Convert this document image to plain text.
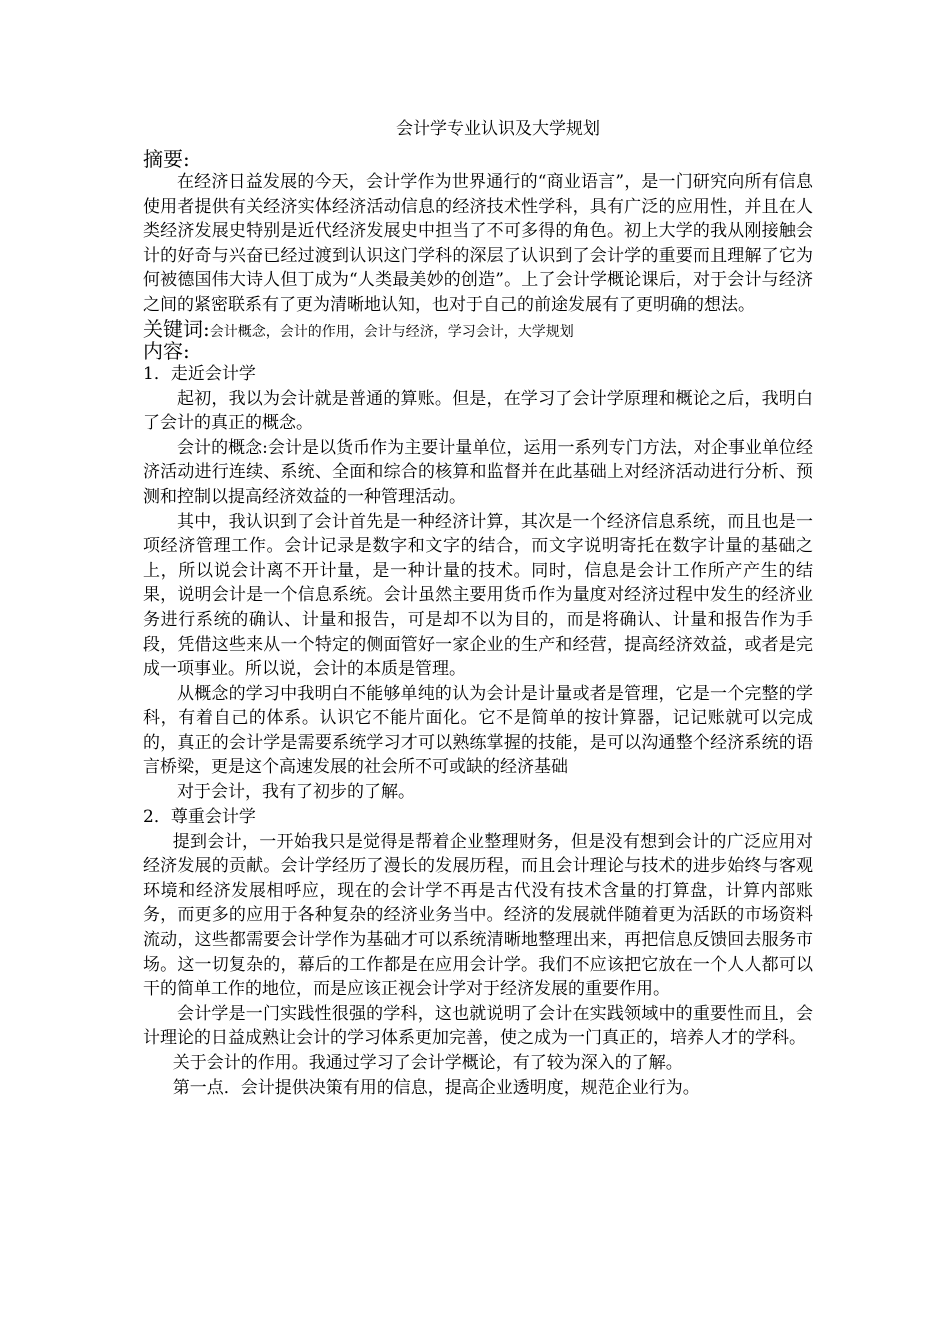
会计学专业认识及大学规划
摘要:

在经济日益发展的今天，会计学作为世界通行的“商业语言”，是一门研究向所有信息使用者提供有关经济实体经济活动信息的经济技术性学科，具有广泛的应用性，并且在人类经济发展史特别是近代经济发展史中担当了不可多得的角色。初上大学的我从刚接触会计的好奇与兴奋已经过渡到认识这门学科的深层了认识到了会计学的重要而且理解了它为何被德国伟大诗人但丁成为“人类最美妙的创造”。上了会计学概论课后，对于会计与经济之间的紧密联系有了更为清晰地认知，也对于自己的前途发展有了更明确的想法。

关键词:会计概念，会计的作用，会计与经济，学习会计，大学规划
内容:
1．走近会计学

起初，我以为会计就是普通的算账。但是，在学习了会计学原理和概论之后，我明白了会计的真正的概念。

会计的概念:会计是以货币作为主要计量单位，运用一系列专门方法，对企事业单位经济活动进行连续、系统、全面和综合的核算和监督并在此基础上对经济活动进行分析、预测和控制以提高经济效益的一种管理活动。

其中，我认识到了会计首先是一种经济计算，其次是一个经济信息系统，而且也是一项经济管理工作。会计记录是数字和文字的结合，而文字说明寄托在数字计量的基础之上，所以说会计离不开计量，是一种计量的技术。同时，信息是会计工作所产产生的结果，说明会计是一个信息系统。会计虽然主要用货币作为量度对经济过程中发生的经济业务进行系统的确认、计量和报告，可是却不以为目的，而是将确认、计量和报告作为手段，凭借这些来从一个特定的侧面管好一家企业的生产和经营，提高经济效益，或者是完成一项事业。所以说，会计的本质是管理。

从概念的学习中我明白不能够单纯的认为会计是计量或者是管理，它是一个完整的学科，有着自己的体系。认识它不能片面化。它不是简单的按计算器，记记账就可以完成的，真正的会计学是需要系统学习才可以熟练掌握的技能，是可以沟通整个经济系统的语言桥梁，更是这个高速发展的社会所不可或缺的经济基础

对于会计，我有了初步的了解。

2．尊重会计学

提到会计，一开始我只是觉得是帮着企业整理财务，但是没有想到会计的广泛应用对经济发展的贡献。会计学经历了漫长的发展历程，而且会计理论与技术的进步始终与客观环境和经济发展相呼应，现在的会计学不再是古代没有技术含量的打算盘，计算内部账务，而更多的应用于各种复杂的经济业务当中。经济的发展就伴随着更为活跃的市场资料流动，这些都需要会计学作为基础才可以系统清晰地整理出来，再把信息反馈回去服务市场。这一切复杂的，幕后的工作都是在应用会计学。我们不应该把它放在一个人人都可以干的简单工作的地位，而是应该正视会计学对于经济发展的重要作用。

会计学是一门实践性很强的学科，这也就说明了会计在实践领域中的重要性而且，会计理论的日益成熟让会计的学习体系更加完善，使之成为一门真正的，培养人才的学科。

关于会计的作用。我通过学习了会计学概论，有了较为深入的了解。

第一点．会计提供决策有用的信息，提高企业透明度，规范企业行为。
